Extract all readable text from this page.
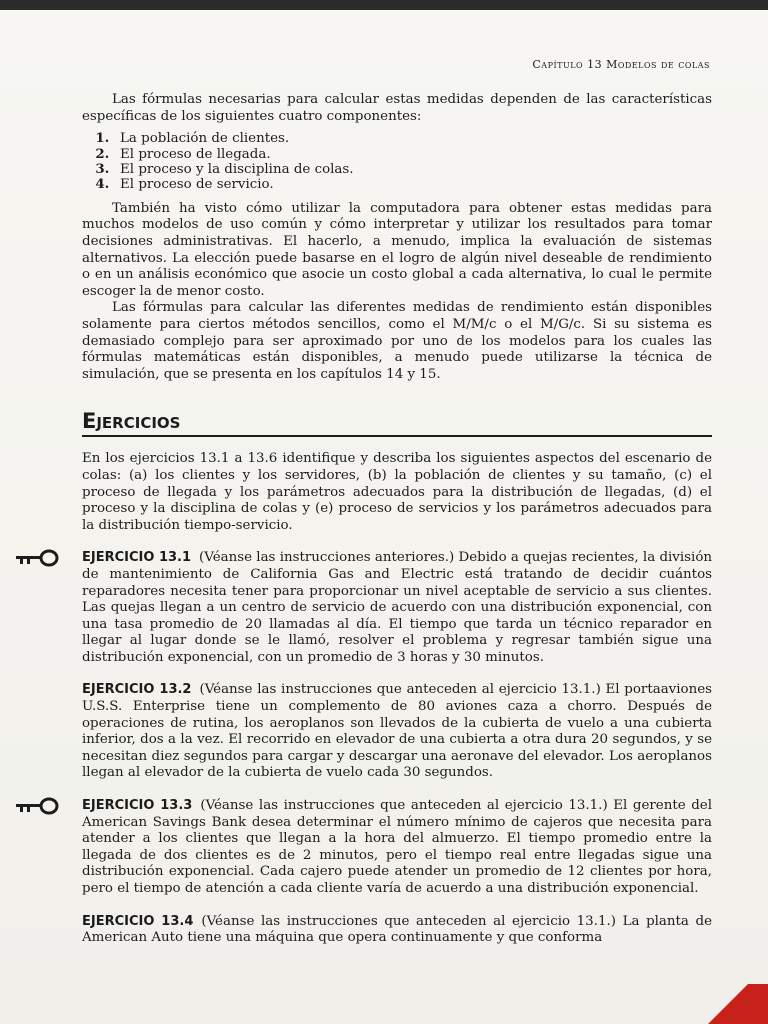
Capítulo 13 Modelos de colas

Las fórmulas necesarias para calcular estas medidas dependen de las características específicas de los siguientes cuatro componentes:

1. La población de clientes.
2. El proceso de llegada.
3. El proceso y la disciplina de colas.
4. El proceso de servicio.

También ha visto cómo utilizar la computadora para obtener estas medidas para muchos modelos de uso común y cómo interpretar y utilizar los resultados para tomar decisiones administrativas. El hacerlo, a menudo, implica la evaluación de sistemas alternativos. La elección puede basarse en el logro de algún nivel deseable de rendimiento o en un análisis económico que asocie un costo global a cada alternativa, lo cual le permite escoger la de menor costo.

Las fórmulas para calcular las diferentes medidas de rendimiento están disponibles solamente para ciertos métodos sencillos, como el M/M/c o el M/G/c. Si su sistema es demasiado complejo para ser aproximado por uno de los modelos para los cuales las fórmulas matemáticas están disponibles, a menudo puede utilizarse la técnica de simulación, que se presenta en los capítulos 14 y 15.

Ejercicios

En los ejercicios 13.1 a 13.6 identifique y describa los siguientes aspectos del escenario de colas: (a) los clientes y los servidores, (b) la población de clientes y su tamaño, (c) el proceso de llegada y los parámetros adecuados para la distribución de llegadas, (d) el proceso y la disciplina de colas y (e) proceso de servicios y los parámetros adecuados para la distribución tiempo-servicio.

EJERCICIO 13.1 (Véanse las instrucciones anteriores.) Debido a quejas recientes, la división de mantenimiento de California Gas and Electric está tratando de decidir cuántos reparadores necesita tener para proporcionar un nivel aceptable de servicio a sus clientes. Las quejas llegan a un centro de servicio de acuerdo con una distribución exponencial, con una tasa promedio de 20 llamadas al día. El tiempo que tarda un técnico reparador en llegar al lugar donde se le llamó, resolver el problema y regresar también sigue una distribución exponencial, con un promedio de 3 horas y 30 minutos.

EJERCICIO 13.2 (Véanse las instrucciones que anteceden al ejercicio 13.1.) El portaaviones U.S.S. Enterprise tiene un complemento de 80 aviones caza a chorro. Después de operaciones de rutina, los aeroplanos son llevados de la cubierta de vuelo a una cubierta inferior, dos a la vez. El recorrido en elevador de una cubierta a otra dura 20 segundos, y se necesitan diez segundos para cargar y descargar una aeronave del elevador. Los aeroplanos llegan al elevador de la cubierta de vuelo cada 30 segundos.

EJERCICIO 13.3 (Véanse las instrucciones que anteceden al ejercicio 13.1.) El gerente del American Savings Bank desea determinar el número mínimo de cajeros que necesita para atender a los clientes que llegan a la hora del almuerzo. El tiempo promedio entre la llegada de dos clientes es de 2 minutos, pero el tiempo real entre llegadas sigue una distribución exponencial. Cada cajero puede atender un promedio de 12 clientes por hora, pero el tiempo de atención a cada cliente varía de acuerdo a una distribución exponencial.

EJERCICIO 13.4 (Véanse las instrucciones que anteceden al ejercicio 13.1.) La planta de American Auto tiene una máquina que opera continuamente y que conforma
